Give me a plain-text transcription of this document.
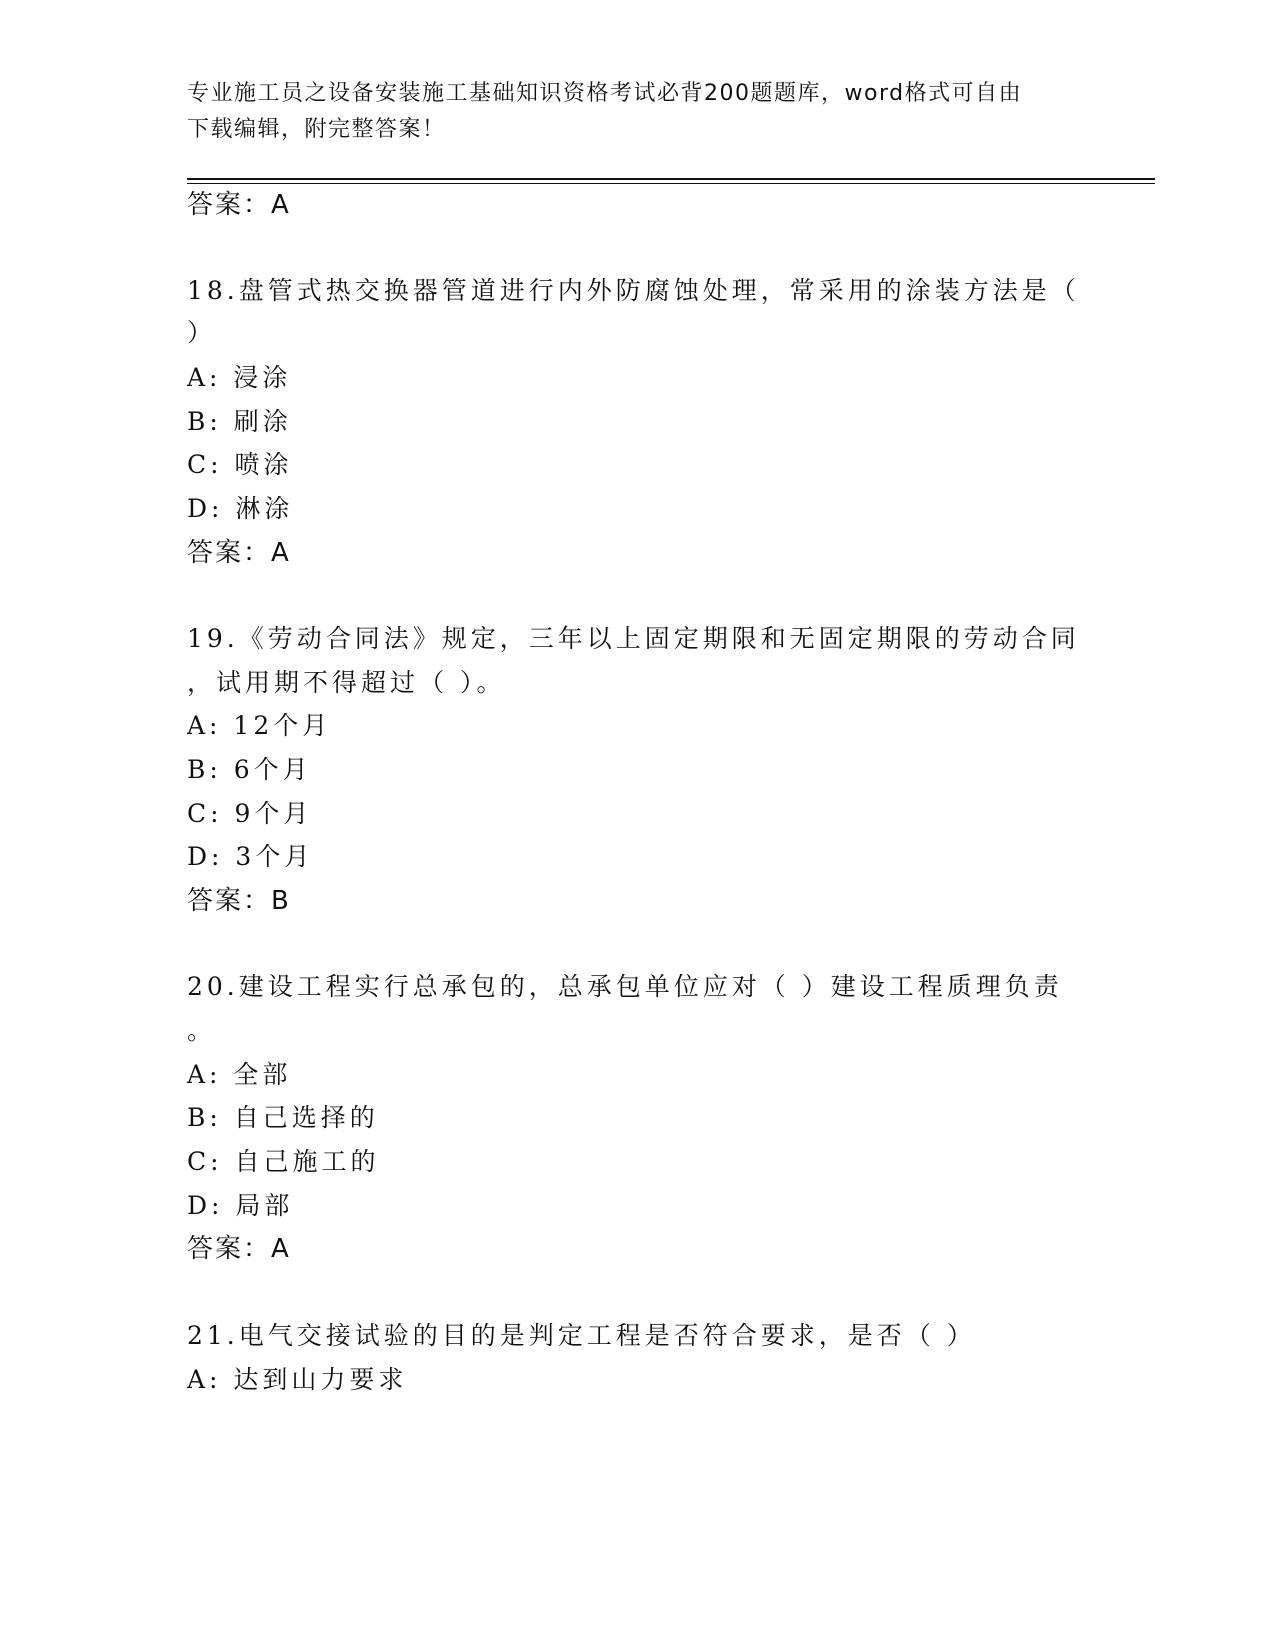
专业施工员之设备安装施工基础知识资格考试必背200题题库，word格式可自由
下载编辑，附完整答案！
答案：A
18.盘管式热交换器管道进行内外防腐蚀处理，常采用的涂装方法是（
）
A: 浸涂
B: 刷涂
C: 喷涂
D: 淋涂
答案：A
19.《劳动合同法》规定，三年以上固定期限和无固定期限的劳动合同
，试用期不得超过（ ）。
A: 12个月
B: 6个月
C: 9个月
D: 3个月
答案：B
20.建设工程实行总承包的，总承包单位应对（ ）建设工程质理负责
。
A: 全部
B: 自己选择的
C: 自己施工的
D: 局部
答案：A
21.电气交接试验的目的是判定工程是否符合要求，是否（ ）
A: 达到山力要求
